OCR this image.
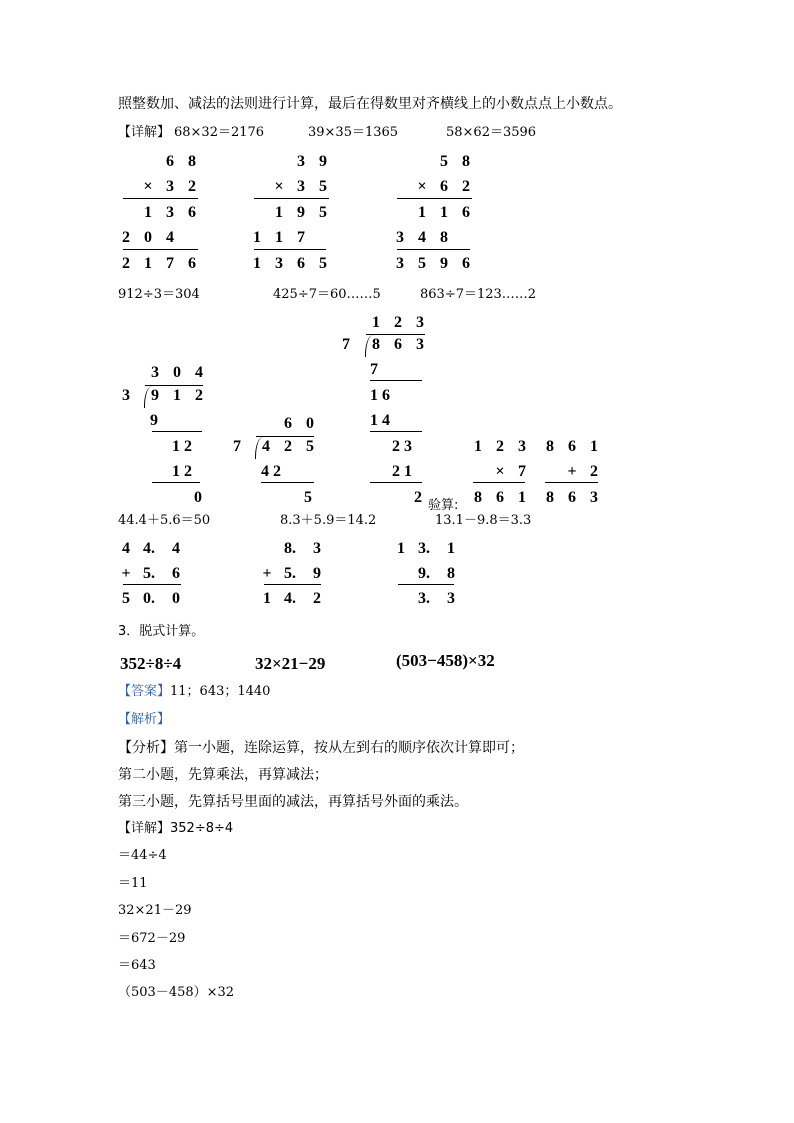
照整数加、减法的法则进行计算，最后在得数里对齐横线上的小数点点上小数点。
【详解】 68×32＝2176	39×35＝1365	58×62＝3596
6 8
× 3 2
1 3 6
2 0 4
2 1 7 6
3 9
× 3 5
1 9 5
1 1 7
1 3 6 5
5 8
× 6 2
1 1 6
3 4 8
3 5 9 6
912÷3＝304	425÷7＝60……5	863÷7＝123……2
1 2 3
7	8 6 3
7
1 6
1 4
2 3
2 1
2
3 0 4
3	9 1 2
9
1 2
1 2
0
6 0
7	4 2 5
4 2
5
1 2 3
× 7
8 6 1
8 6 1
+ 2
8 6 3
验算:
44.4＋5.6＝50	8.3＋5.9＝14.2	13.1－9.8＝3.3
4 4.	4
+ 5.	6
5 0.	0
8.	3
+ 5.	9
1 4.	2
1 3.	1
9.	8
3.	3
3．脱式计算。
352÷8÷4	32×21−29	(503−458)×32
【答案】11；643；1440
【解析】
【分析】第一小题，连除运算，按从左到右的顺序依次计算即可；
第二小题，先算乘法，再算减法；
第三小题，先算括号里面的减法，再算括号外面的乘法。
【详解】352÷8÷4
＝44÷4
＝11
32×21－29
＝672－29
＝643
（503－458）×32
